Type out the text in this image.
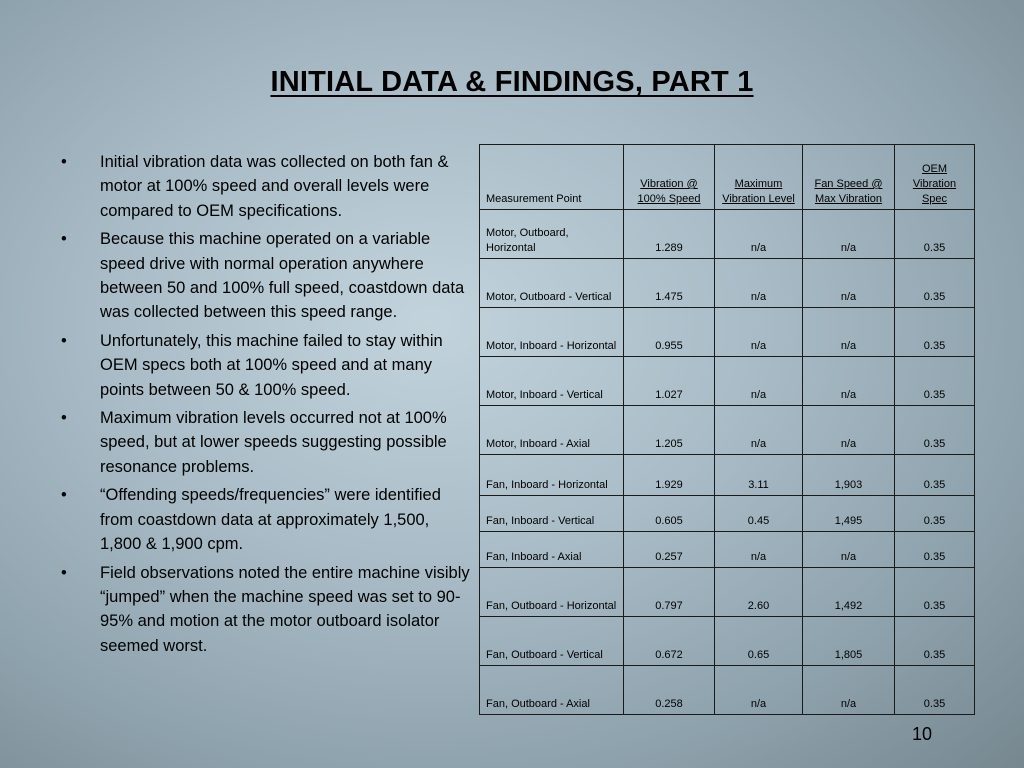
INITIAL DATA & FINDINGS, PART 1
• Initial vibration data was collected on both fan & motor at 100% speed and overall levels were compared to OEM specifications.
• Because this machine operated on a variable speed drive with normal operation anywhere between 50 and 100% full speed, coastdown data was collected between this speed range.
• Unfortunately, this machine failed to stay within OEM specs both at 100% speed and at many points between 50 & 100% speed.
• Maximum vibration levels occurred not at 100% speed, but at lower speeds suggesting possible resonance problems.
• “Offending speeds/frequencies” were identified from coastdown data at approximately 1,500, 1,800 & 1,900 cpm.
• Field observations noted the entire machine visibly “jumped” when the machine speed was set to 90-95% and motion at the motor outboard isolator seemed worst.
Measurement Point	Vibration @ 100% Speed	Maximum Vibration Level	Fan Speed @ Max Vibration	OEM Vibration Spec
Motor, Outboard, Horizontal	1.289	n/a	n/a	0.35
Motor, Outboard - Vertical	1.475	n/a	n/a	0.35
Motor, Inboard - Horizontal	0.955	n/a	n/a	0.35
Motor, Inboard - Vertical	1.027	n/a	n/a	0.35
Motor, Inboard - Axial	1.205	n/a	n/a	0.35
Fan, Inboard - Horizontal	1.929	3.11	1,903	0.35
Fan, Inboard - Vertical	0.605	0.45	1,495	0.35
Fan, Inboard - Axial	0.257	n/a	n/a	0.35
Fan, Outboard - Horizontal	0.797	2.60	1,492	0.35
Fan, Outboard - Vertical	0.672	0.65	1,805	0.35
Fan, Outboard - Axial	0.258	n/a	n/a	0.35
10
